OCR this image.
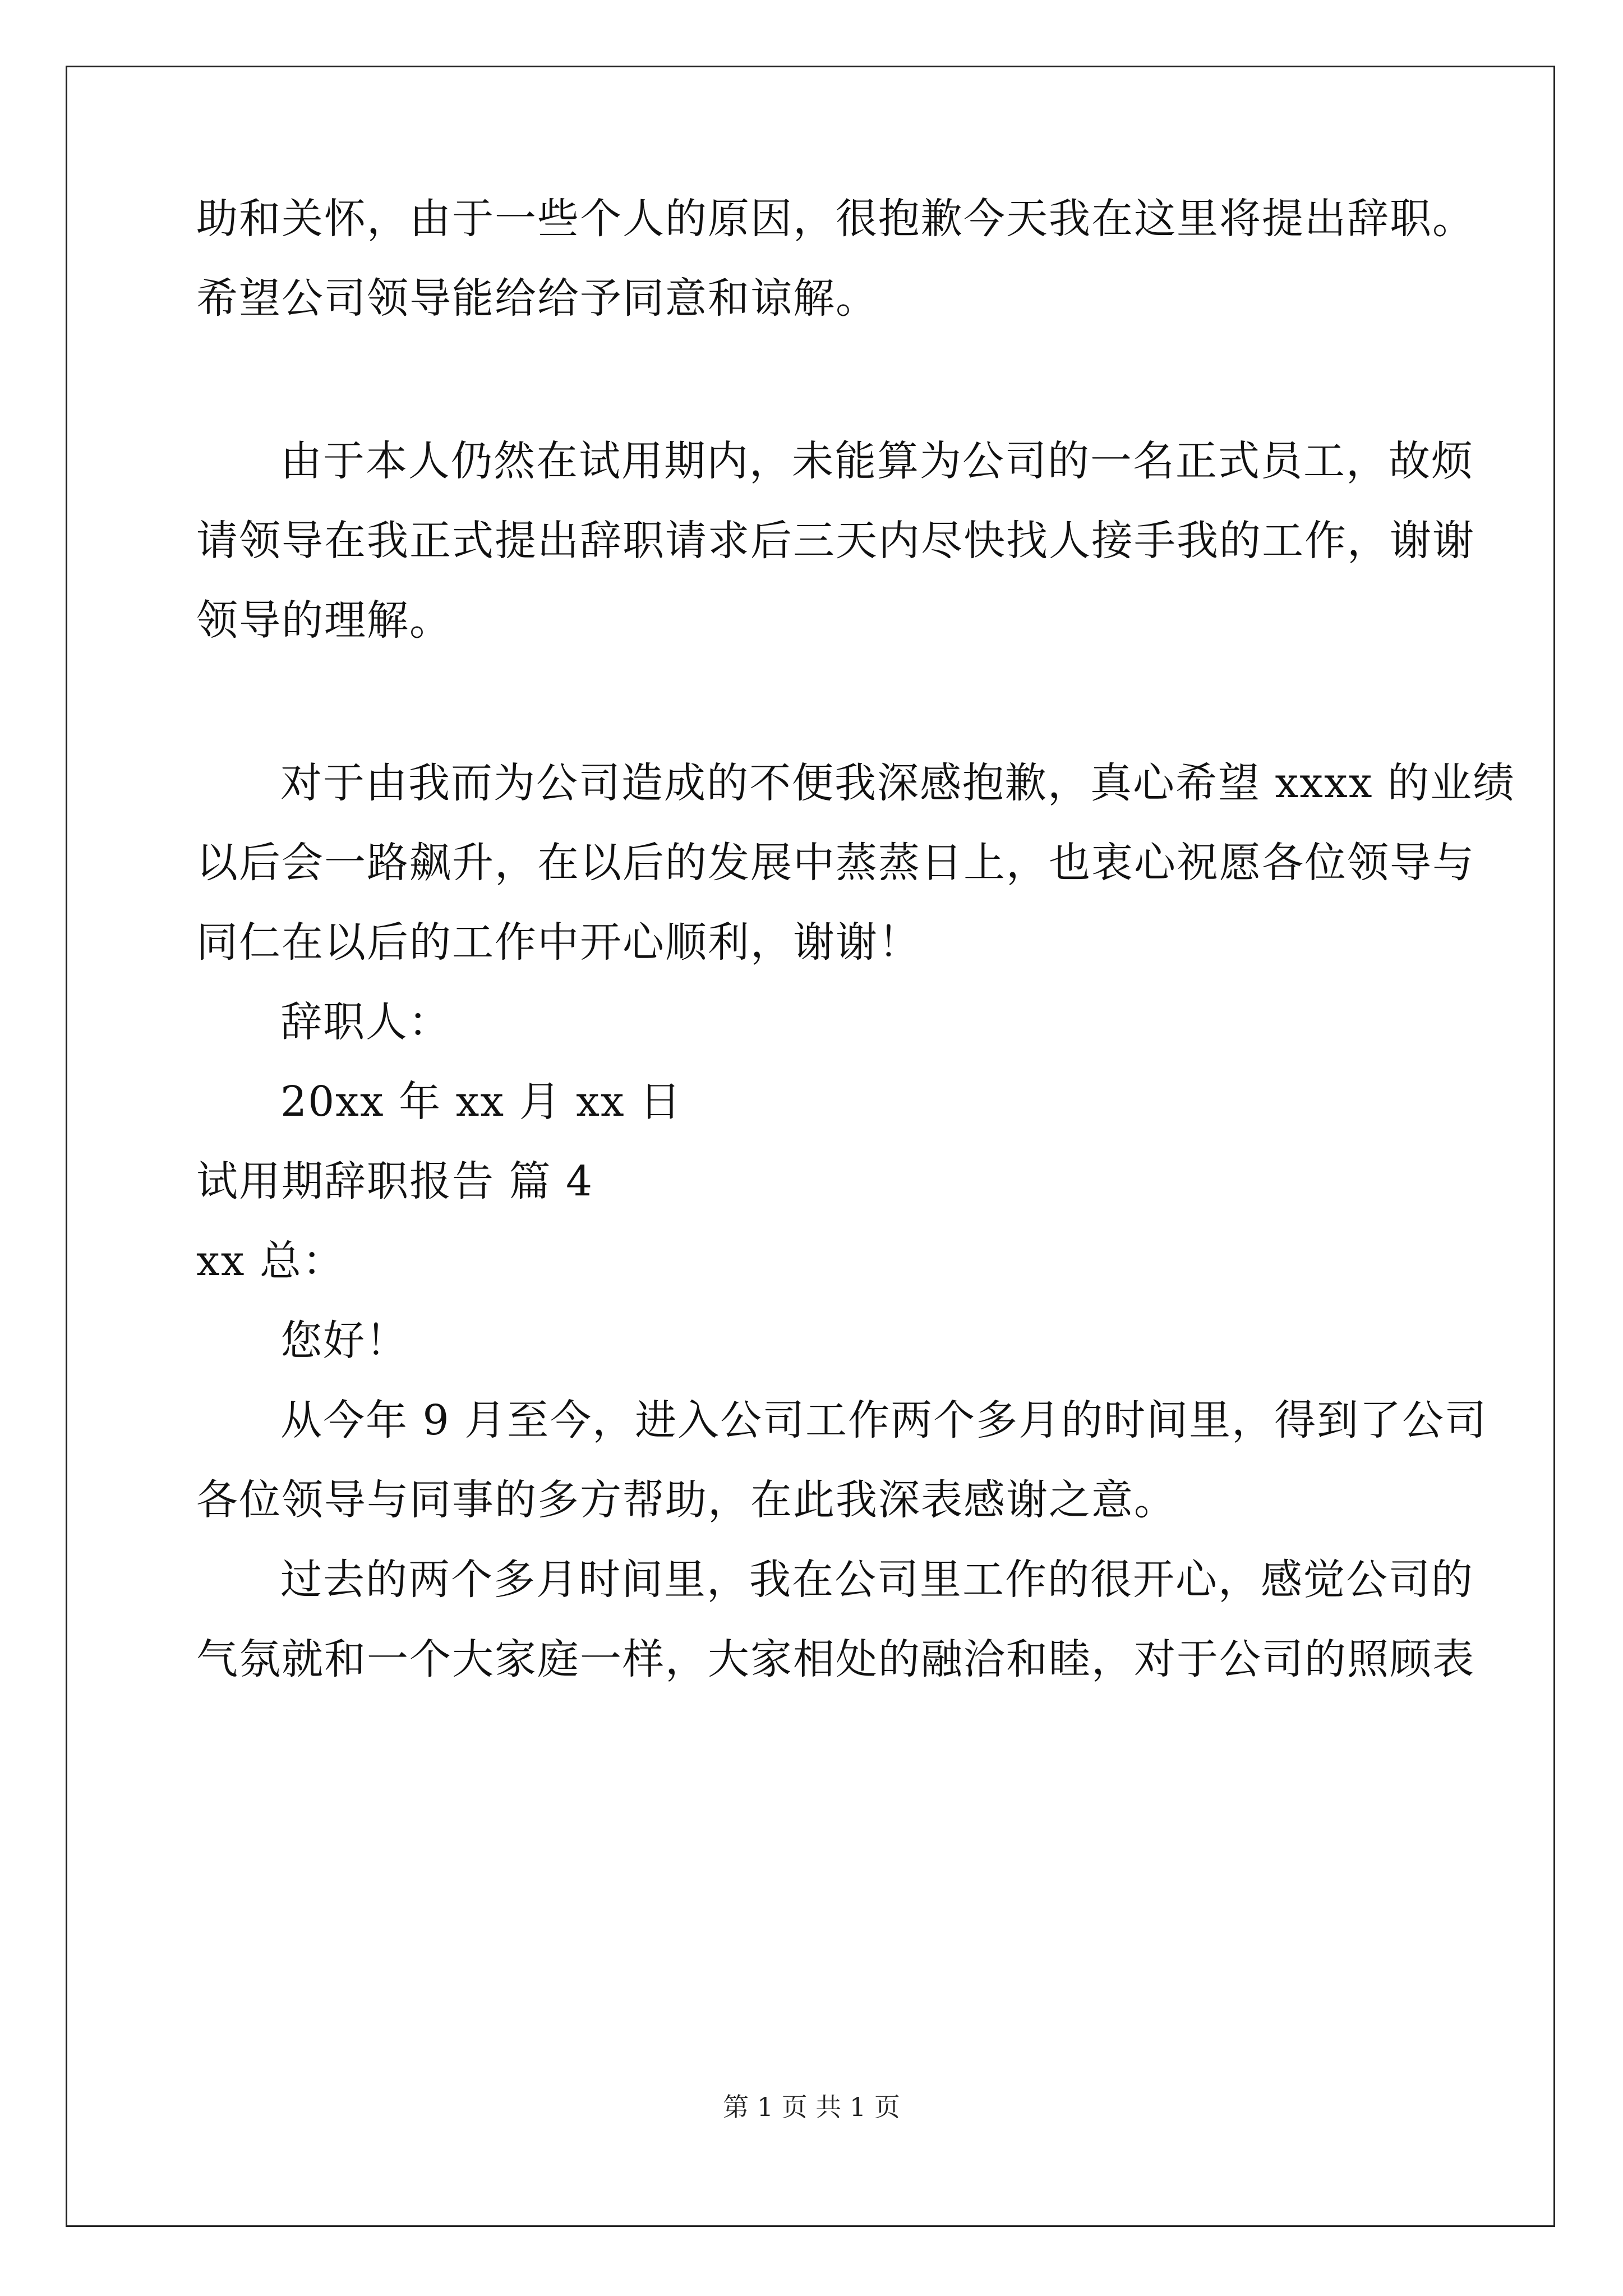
助和关怀，由于一些个人的原因，很抱歉今天我在这里将提出辞职。
希望公司领导能给给予同意和谅解。
由于本人仍然在试用期内，未能算为公司的一名正式员工，故烦
请领导在我正式提出辞职请求后三天内尽快找人接手我的工作，谢谢
领导的理解。
对于由我而为公司造成的不便我深感抱歉，真心希望 xxxx 的业绩
以后会一路飙升，在以后的发展中蒸蒸日上，也衷心祝愿各位领导与
同仁在以后的工作中开心顺利，谢谢！
辞职人：
20xx 年 xx 月 xx 日
试用期辞职报告 篇 4
xx 总：
您好！
从今年 9 月至今，进入公司工作两个多月的时间里，得到了公司
各位领导与同事的多方帮助，在此我深表感谢之意。
过去的两个多月时间里，我在公司里工作的很开心，感觉公司的
气氛就和一个大家庭一样，大家相处的融洽和睦，对于公司的照顾表
第 1 页 共 1 页
